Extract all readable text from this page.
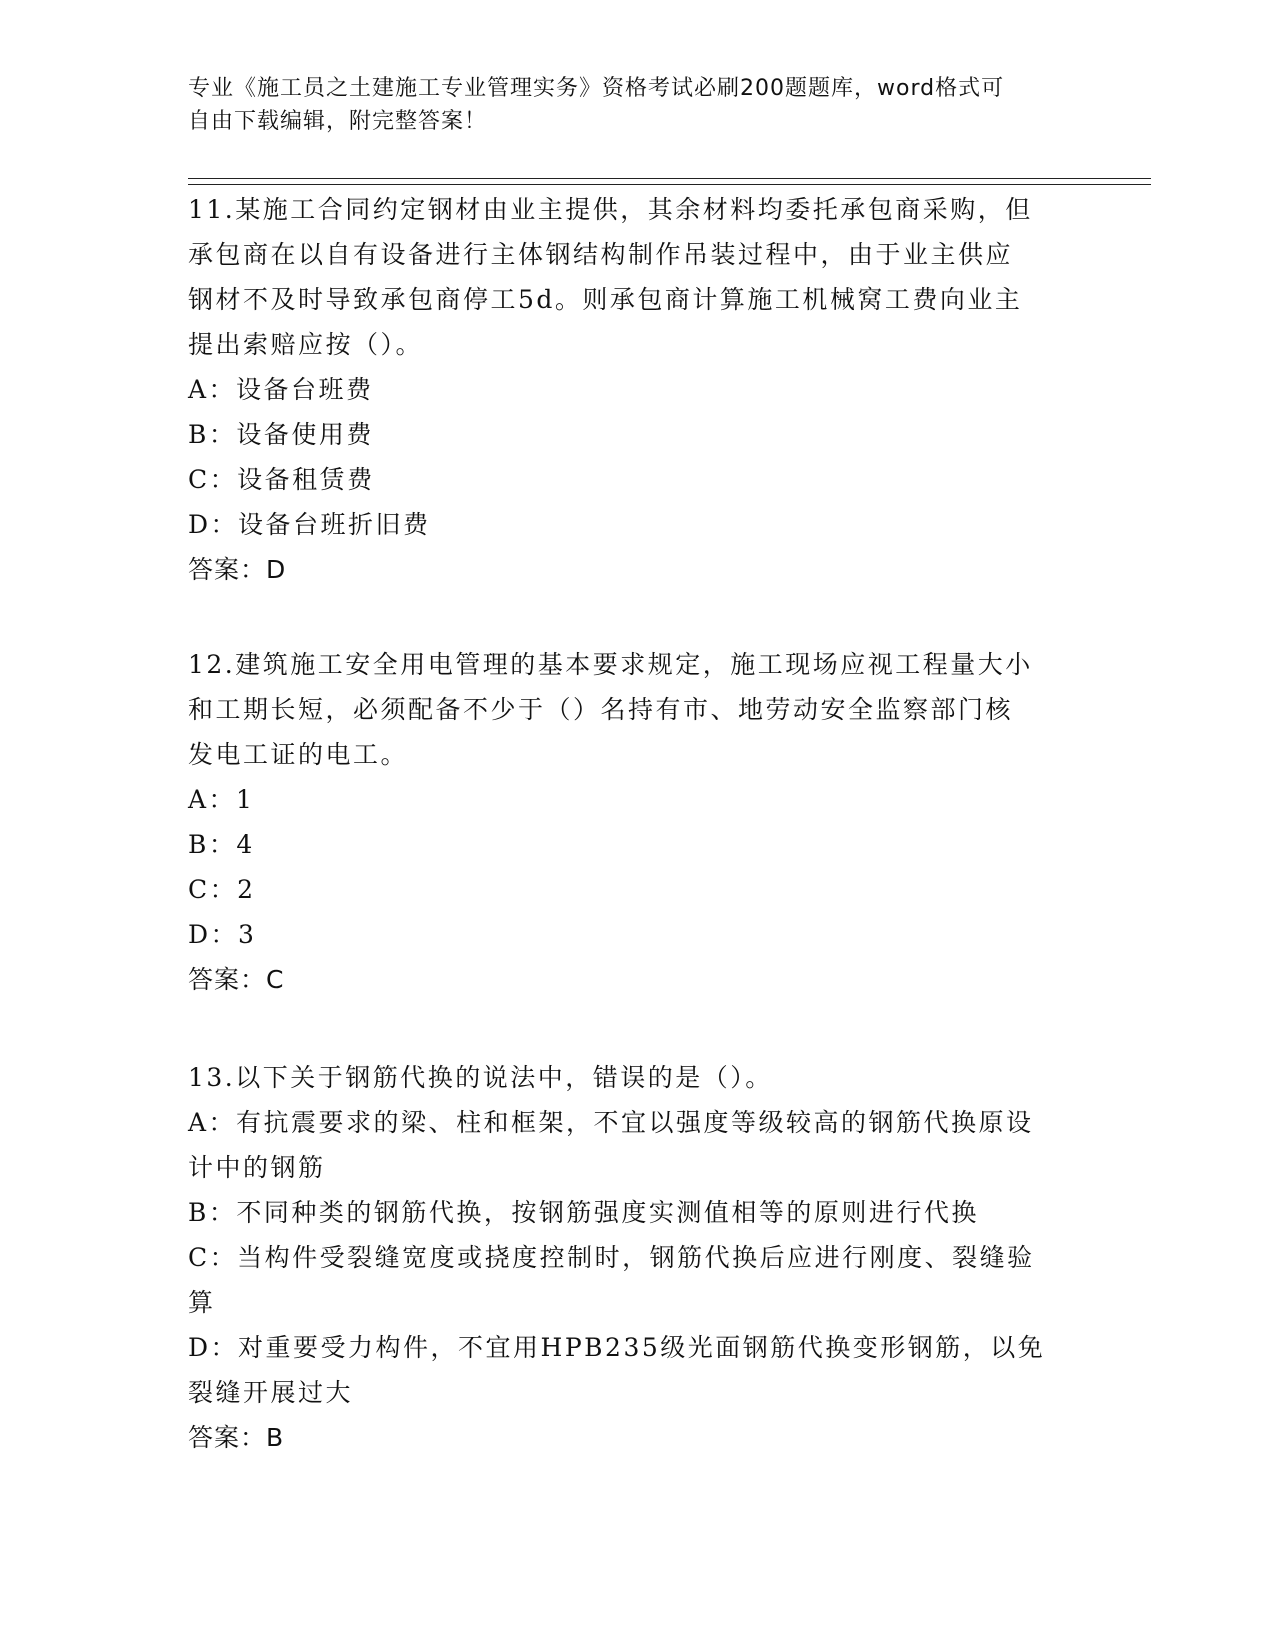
专业《施工员之土建施工专业管理实务》资格考试必刷200题题库，word格式可
自由下载编辑，附完整答案！
11.某施工合同约定钢材由业主提供，其余材料均委托承包商采购，但
承包商在以自有设备进行主体钢结构制作吊装过程中，由于业主供应
钢材不及时导致承包商停工5d。则承包商计算施工机械窝工费向业主
提出索赔应按（）。
A：设备台班费
B：设备使用费
C：设备租赁费
D：设备台班折旧费
答案：D
12.建筑施工安全用电管理的基本要求规定，施工现场应视工程量大小
和工期长短，必须配备不少于（）名持有市、地劳动安全监察部门核
发电工证的电工。
A：1
B：4
C：2
D：3
答案：C
13.以下关于钢筋代换的说法中，错误的是（）。
A：有抗震要求的梁、柱和框架，不宜以强度等级较高的钢筋代换原设
计中的钢筋
B：不同种类的钢筋代换，按钢筋强度实测值相等的原则进行代换
C：当构件受裂缝宽度或挠度控制时，钢筋代换后应进行刚度、裂缝验
算
D：对重要受力构件，不宜用HPB235级光面钢筋代换变形钢筋，以免
裂缝开展过大
答案：B
